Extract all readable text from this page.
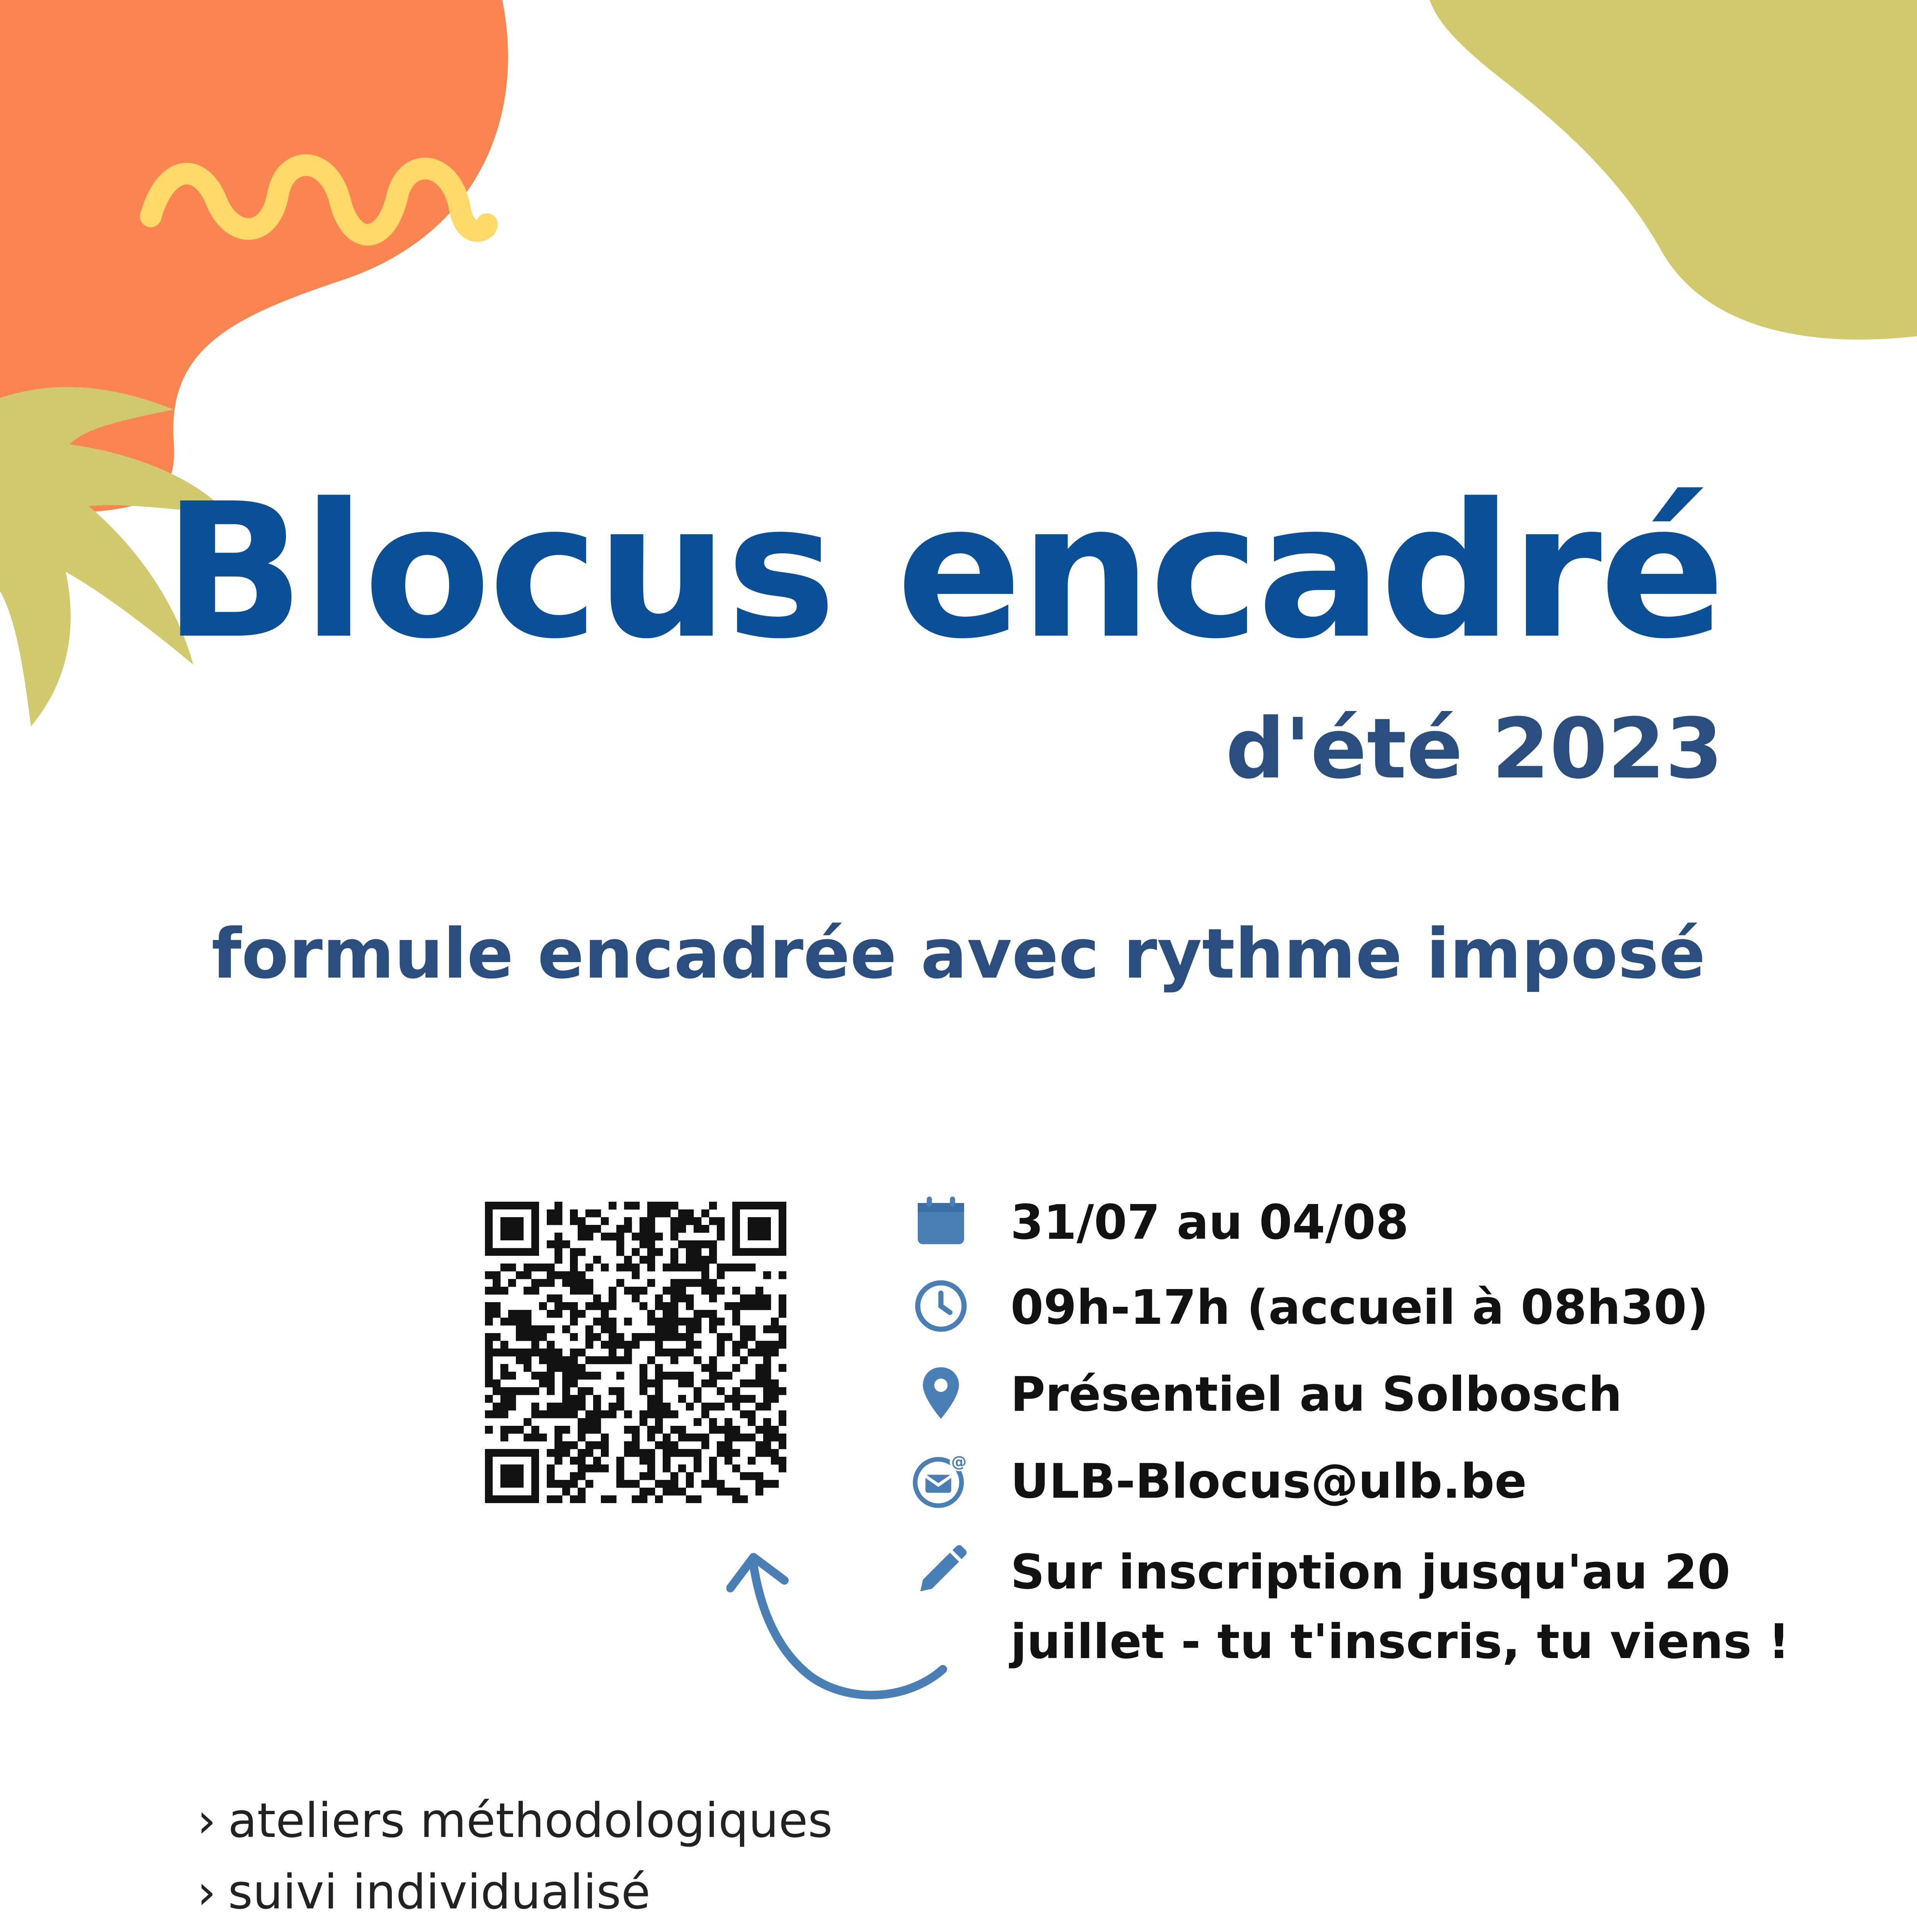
Blocus encadré
d'été 2023
formule encadrée avec rythme imposé
31/07 au 04/08
09h-17h (accueil à 08h30)
Présentiel au Solbosch
@ ULB-Blocus@ulb.be
Sur inscription jusqu'au 20
juillet - tu t'inscris, tu viens !
› ateliers méthodologiques
› suivi individualisé
